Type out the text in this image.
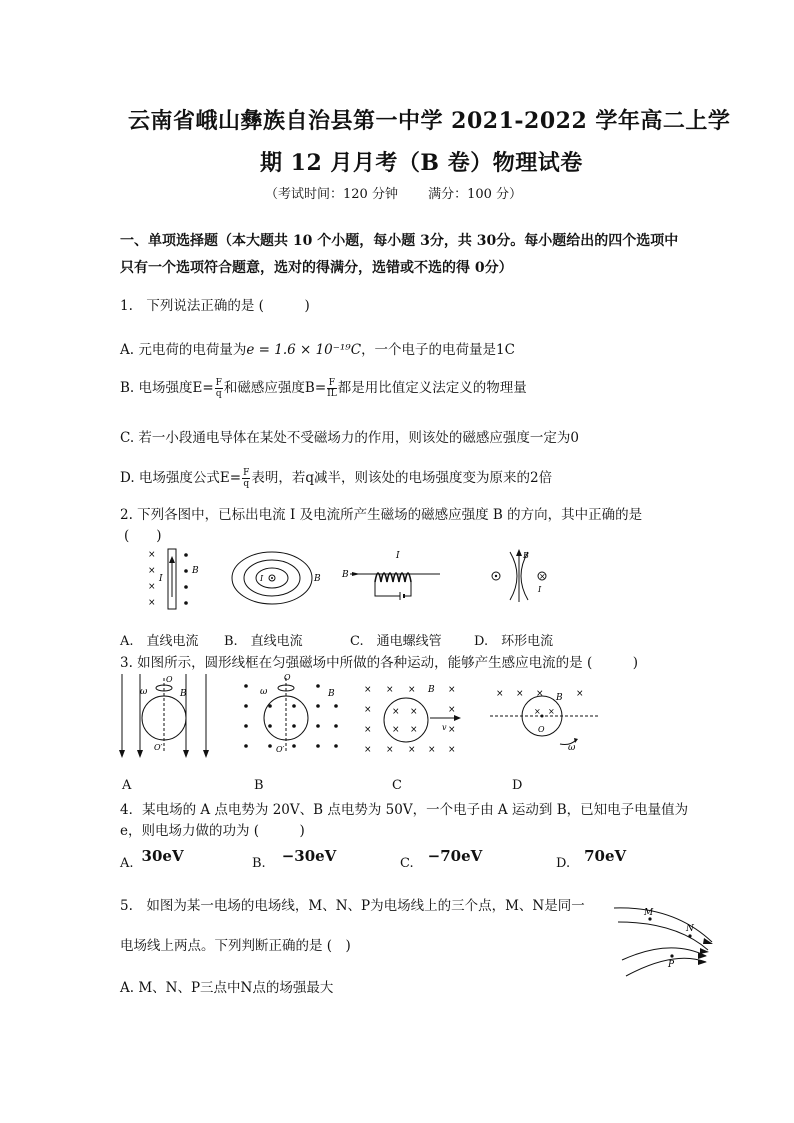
云南省峨山彝族自治县第一中学 2021-2022 学年高二上学
期 12 月月考（B 卷）物理试卷
（考试时间：120 分钟　　 满分：100 分）
一、单项选择题（本大题共 10 个小题，每小题 3分，共 30分。每小题给出的四个选项中
只有一个选项符合题意，选对的得满分，选错或不选的得 0分）
1.　下列说法正确的是 (　　　)
A. 元电荷的电荷量为e = 1.6 × 10⁻¹⁹C，一个电子的电荷量是1C
B. 电场强度$E= \frac{F}{q}$ 和磁感应强度$B= \frac{F}{IL}$ 都是用比值定义法定义的物理量
C. 若一小段通电导体在某处不受磁场力的作用，则该处的磁感应强度一定为0
D. 电场强度公式$E= \frac{F}{q}$ 表明，若q减半，则该处的电场强度变为原来的2倍
2. 下列各图中，已标出电流 I 及电流所产生磁场的磁感应强度 B 的方向，其中正确的是
(　　)
×
×
×
×
I
B
I	B B
I
×
B
I
A.　直线电流 B.　直线电流	C.　通电螺线管 D.　环形电流
3. 如图所示，圆形线框在匀强磁场中所做的各种运动，能够产生感应电流的是 (　　　)
ω
O
B
O′
ω
O
B
O′
× × ×	×
×	×
×	×
× × × × ×
× ×
× ×
B
v
× × ×	×
B
× ×
O
ω
A	B	C	D
4．某电场的 A 点电势为 20V、B 点电势为 50V，一个电子由 A 运动到 B，已知电子电量值为
e，则电场力做的功为 (　　　)
$_{A.}$ 30eV	$_{B.}$ −30eV	$_{C.}$ −70eV	$_{D.}$ 70eV
5.　如图为某一电场的电场线，M、N、P为电场线上的三个点，M、N是同一
电场线上两点。下列判断正确的是 (　)
A. M、N、P三点中N点的场强最大
M
N
P
